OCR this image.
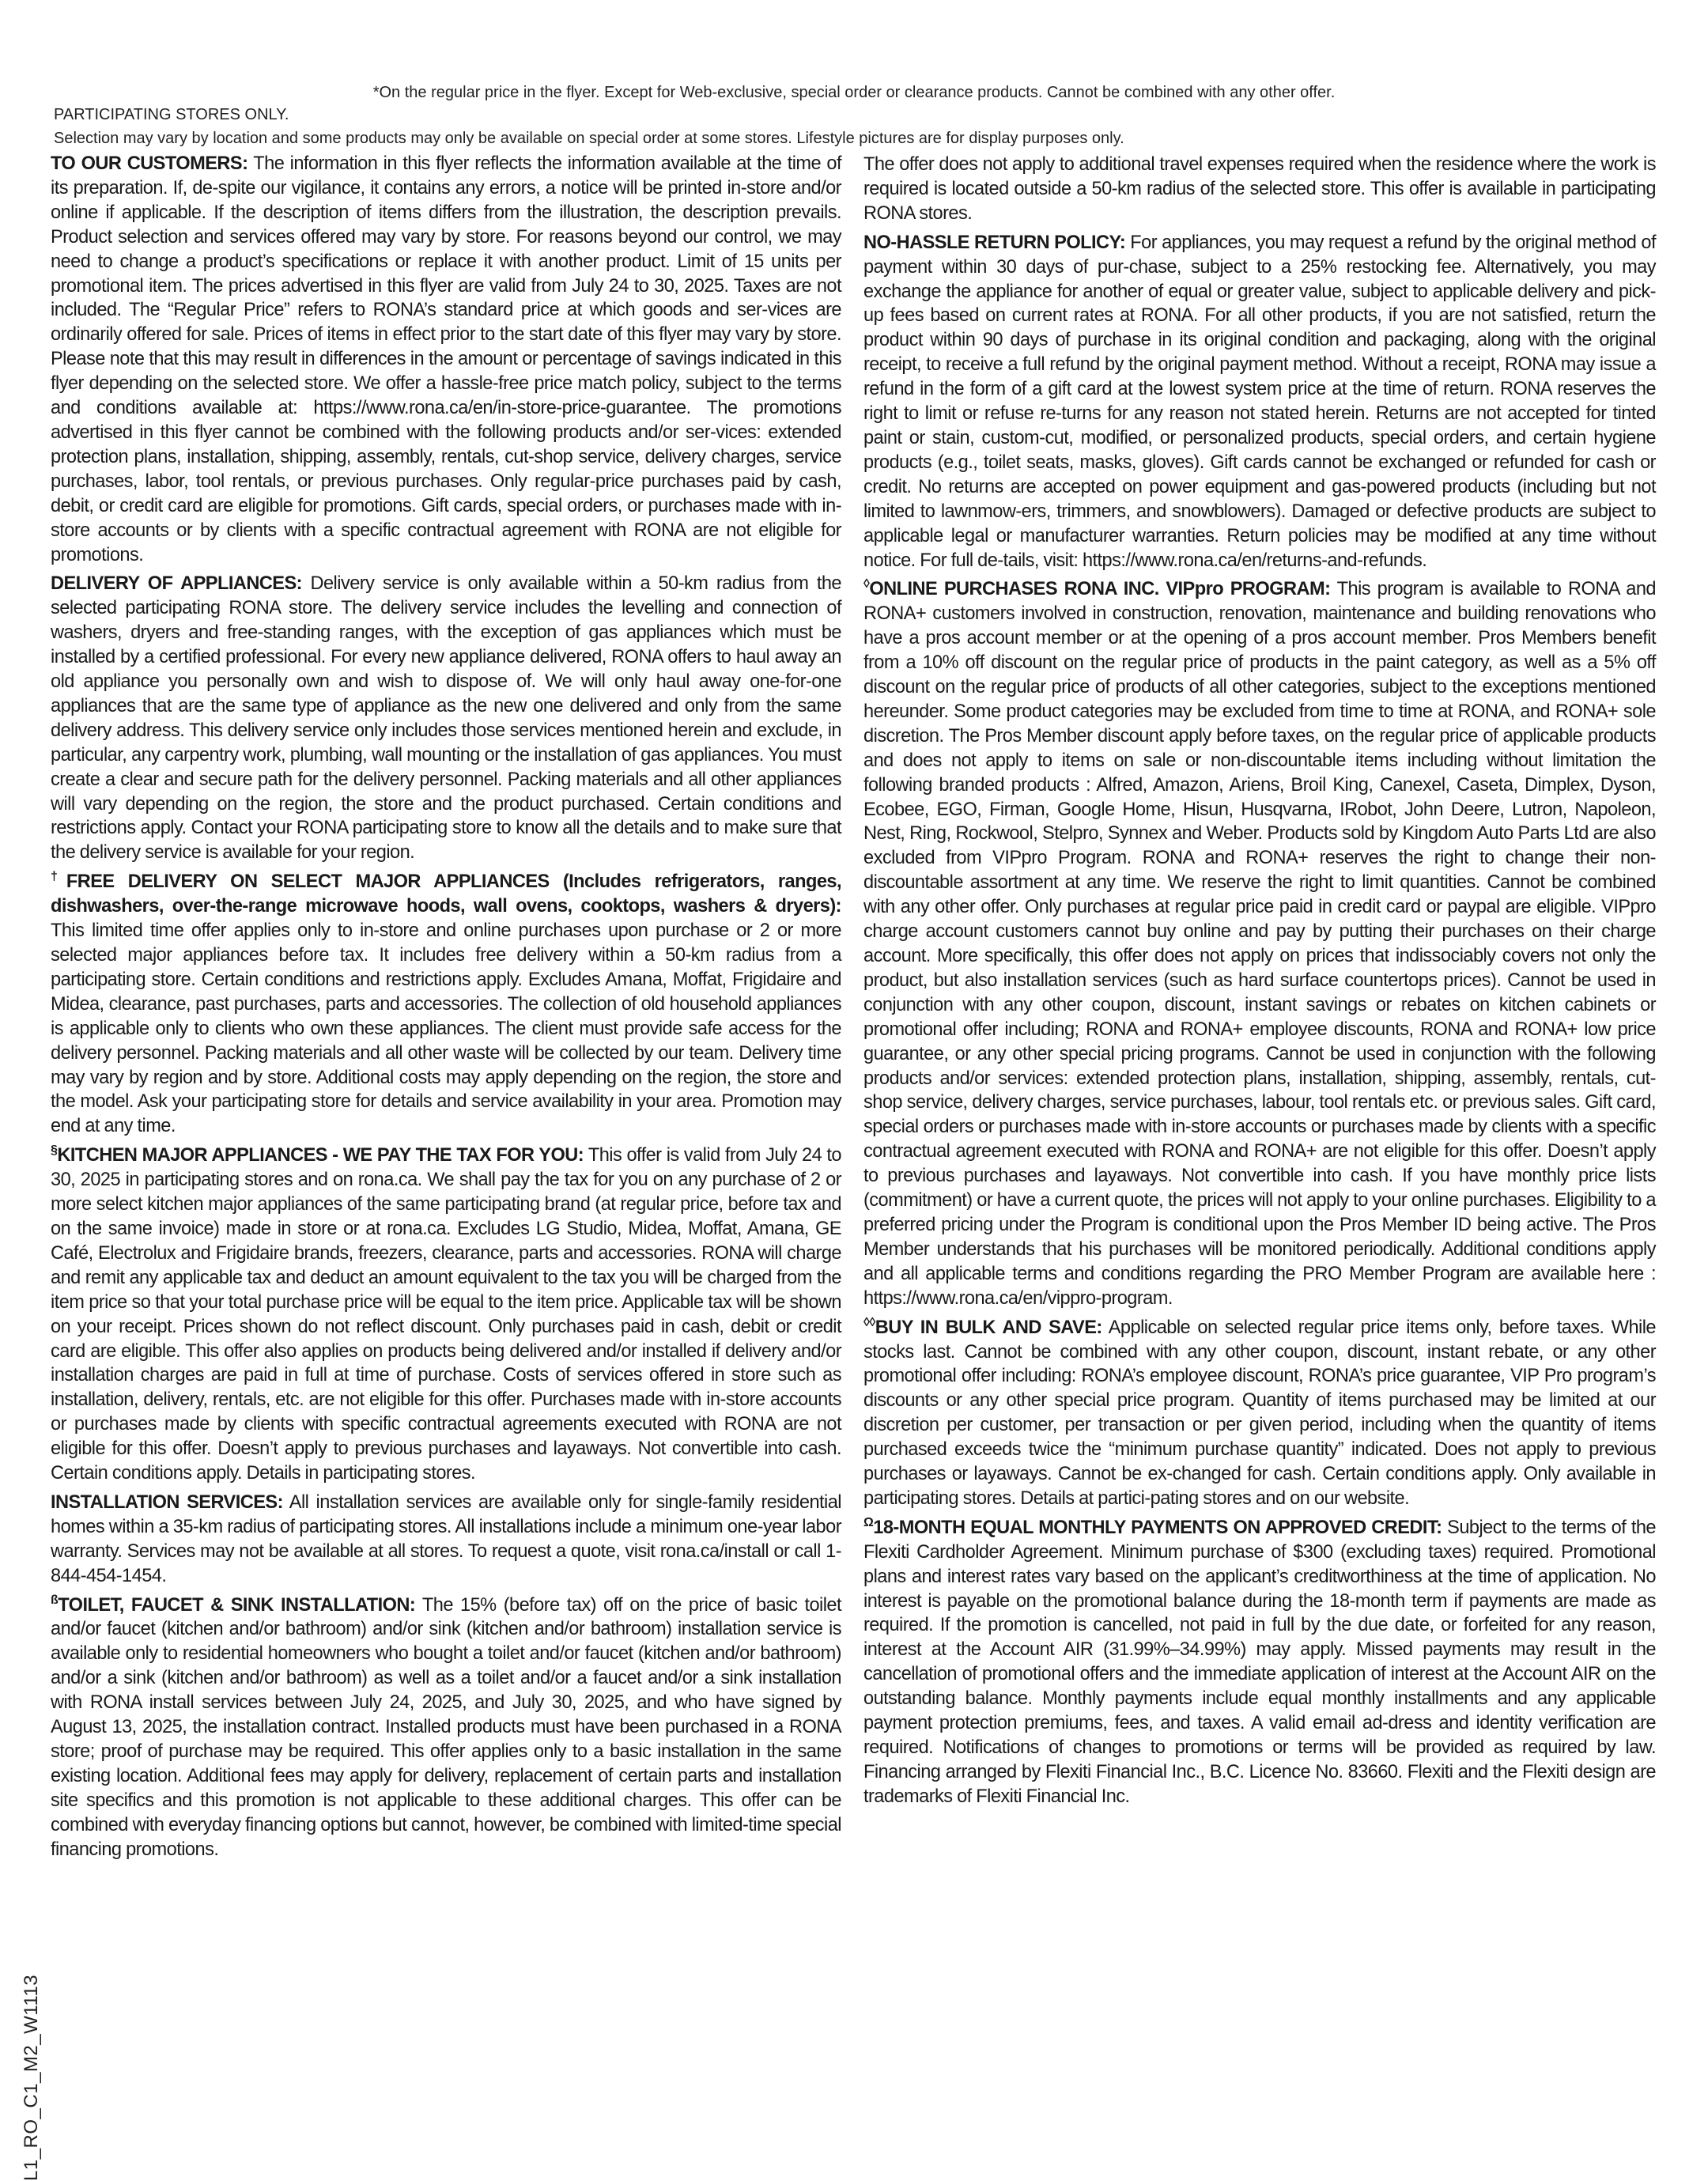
*On the regular price in the flyer. Except for Web-exclusive, special order or clearance products. Cannot be combined with any other offer.
PARTICIPATING STORES ONLY.
Selection may vary by location and some products may only be available on special order at some stores. Lifestyle pictures are for display purposes only.

TO OUR CUSTOMERS: The information in this flyer reflects the information available at the time of its preparation. If, de-spite our vigilance, it contains any errors, a notice will be printed in-store and/or online if applicable. If the description of items differs from the illustration, the description prevails. Product selection and services offered may vary by store. For reasons beyond our control, we may need to change a product’s specifications or replace it with another product. Limit of 15 units per promotional item. The prices advertised in this flyer are valid from July 24 to 30, 2025. Taxes are not included. The “Regular Price” refers to RONA’s standard price at which goods and ser-vices are ordinarily offered for sale. Prices of items in effect prior to the start date of this flyer may vary by store. Please note that this may result in differences in the amount or percentage of savings indicated in this flyer depending on the selected store. We offer a hassle-free price match policy, subject to the terms and conditions available at: https://www.rona.ca/en/in-store-price-guarantee. The promotions advertised in this flyer cannot be combined with the following products and/or ser-vices: extended protection plans, installation, shipping, assembly, rentals, cut-shop service, delivery charges, service purchases, labor, tool rentals, or previous purchases. Only regular-price purchases paid by cash, debit, or credit card are eligible for promotions. Gift cards, special orders, or purchases made with in-store accounts or by clients with a specific contractual agreement with RONA are not eligible for promotions.

DELIVERY OF APPLIANCES: Delivery service is only available within a 50-km radius from the selected participating RONA store. The delivery service includes the levelling and connection of washers, dryers and free-standing ranges, with the exception of gas appliances which must be installed by a certified professional. For every new appliance delivered, RONA offers to haul away an old appliance you personally own and wish to dispose of. We will only haul away one-for-one appliances that are the same type of appliance as the new one delivered and only from the same delivery address. This delivery service only includes those services mentioned herein and exclude, in particular, any carpentry work, plumbing, wall mounting or the installation of gas appliances. You must create a clear and secure path for the delivery personnel. Packing materials and all other appliances will vary depending on the region, the store and the product purchased. Certain conditions and restrictions apply. Contact your RONA participating store to know all the details and to make sure that the delivery service is available for your region.

†FREE DELIVERY ON SELECT MAJOR APPLIANCES (Includes refrigerators, ranges, dishwashers, over-the-range microwave hoods, wall ovens, cooktops, washers & dryers): This limited time offer applies only to in-store and online purchases upon purchase or 2 or more selected major appliances before tax. It includes free delivery within a 50-km radius from a participating store. Certain conditions and restrictions apply. Excludes Amana, Moffat, Frigidaire and Midea, clearance, past purchases, parts and accessories. The collection of old household appliances is applicable only to clients who own these appliances. The client must provide safe access for the delivery personnel. Packing materials and all other waste will be collected by our team. Delivery time may vary by region and by store. Additional costs may apply depending on the region, the store and the model. Ask your participating store for details and service availability in your area. Promotion may end at any time.

§KITCHEN MAJOR APPLIANCES - WE PAY THE TAX FOR YOU: This offer is valid from July 24 to 30, 2025 in participating stores and on rona.ca. We shall pay the tax for you on any purchase of 2 or more select kitchen major appliances of the same participating brand (at regular price, before tax and on the same invoice) made in store or at rona.ca. Excludes LG Studio, Midea, Moffat, Amana, GE Café, Electrolux and Frigidaire brands, freezers, clearance, parts and accessories. RONA will charge and remit any applicable tax and deduct an amount equivalent to the tax you will be charged from the item price so that your total purchase price will be equal to the item price. Applicable tax will be shown on your receipt. Prices shown do not reflect discount. Only purchases paid in cash, debit or credit card are eligible. This offer also applies on products being delivered and/or installed if delivery and/or installation charges are paid in full at time of purchase. Costs of services offered in store such as installation, delivery, rentals, etc. are not eligible for this offer. Purchases made with in-store accounts or purchases made by clients with specific contractual agreements executed with RONA are not eligible for this offer. Doesn’t apply to previous purchases and layaways. Not convertible into cash. Certain conditions apply. Details in participating stores.

INSTALLATION SERVICES: All installation services are available only for single-family residential homes within a 35-km radius of participating stores. All installations include a minimum one-year labor warranty. Services may not be available at all stores. To request a quote, visit rona.ca/install or call 1-844-454-1454.

$^ß$TOILET, FAUCET & SINK INSTALLATION: The 15% (before tax) off on the price of basic toilet and/or faucet (kitchen and/or bathroom) and/or sink (kitchen and/or bathroom) installation service is available only to residential homeowners who bought a toilet and/or faucet (kitchen and/or bathroom) and/or a sink (kitchen and/or bathroom) as well as a toilet and/or a faucet and/or a sink installation with RONA install services between July 24, 2025, and July 30, 2025, and who have signed by August 13, 2025, the installation contract. Installed products must have been purchased in a RONA store; proof of purchase may be required. This offer applies only to a basic installation in the same existing location. Additional fees may apply for delivery, replacement of certain parts and installation site specifics and this promotion is not applicable to these additional charges. This offer can be combined with everyday financing options but cannot, however, be combined with limited-time special financing promotions.

The offer does not apply to additional travel expenses required when the residence where the work is required is located outside a 50-km radius of the selected store. This offer is available in participating RONA stores.

NO-HASSLE RETURN POLICY: For appliances, you may request a refund by the original method of payment within 30 days of pur-chase, subject to a 25% restocking fee. Alternatively, you may exchange the appliance for another of equal or greater value, subject to applicable delivery and pick-up fees based on current rates at RONA. For all other products, if you are not satisfied, return the product within 90 days of purchase in its original condition and packaging, along with the original receipt, to receive a full refund by the original payment method. Without a receipt, RONA may issue a refund in the form of a gift card at the lowest system price at the time of return. RONA reserves the right to limit or refuse re-turns for any reason not stated herein. Returns are not accepted for tinted paint or stain, custom-cut, modified, or personalized products, special orders, and certain hygiene products (e.g., toilet seats, masks, gloves). Gift cards cannot be exchanged or refunded for cash or credit. No returns are accepted on power equipment and gas-powered products (including but not limited to lawnmow-ers, trimmers, and snowblowers). Damaged or defective products are subject to applicable legal or manufacturer warranties. Return policies may be modified at any time without notice. For full de-tails, visit: https://www.rona.ca/en/returns-and-refunds.

◊ONLINE PURCHASES RONA INC. VIPpro PROGRAM: This program is available to RONA and RONA+ customers involved in construction, renovation, maintenance and building renovations who have a pros account member or at the opening of a pros account member. Pros Members benefit from a 10% off discount on the regular price of products in the paint category, as well as a 5% off discount on the regular price of products of all other categories, subject to the exceptions mentioned hereunder. Some product categories may be excluded from time to time at RONA, and RONA+ sole discretion. The Pros Member discount apply before taxes, on the regular price of applicable products and does not apply to items on sale or non-discountable items including without limitation the following branded products : Alfred, Amazon, Ariens, Broil King, Canexel, Caseta, Dimplex, Dyson, Ecobee, EGO, Firman, Google Home, Hisun, Husqvarna, IRobot, John Deere, Lutron, Napoleon, Nest, Ring, Rockwool, Stelpro, Synnex and Weber. Products sold by Kingdom Auto Parts Ltd are also excluded from VIPpro Program. RONA and RONA+ reserves the right to change their non-discountable assortment at any time. We reserve the right to limit quantities. Cannot be combined with any other offer. Only purchases at regular price paid in credit card or paypal are eligible. VIPpro charge account customers cannot buy online and pay by putting their purchases on their charge account. More specifically, this offer does not apply on prices that indissociably covers not only the product, but also installation services (such as hard surface countertops prices). Cannot be used in conjunction with any other coupon, discount, instant savings or rebates on kitchen cabinets or promotional offer including; RONA and RONA+ employee discounts, RONA and RONA+ low price guarantee, or any other special pricing programs. Cannot be used in conjunction with the following products and/or services: extended protection plans, installation, shipping, assembly, rentals, cut-shop service, delivery charges, service purchases, labour, tool rentals etc. or previous sales. Gift card, special orders or purchases made with in-store accounts or purchases made by clients with a specific contractual agreement executed with RONA and RONA+ are not eligible for this offer. Doesn’t apply to previous purchases and layaways. Not convertible into cash. If you have monthly price lists (commitment) or have a current quote, the prices will not apply to your online purchases. Eligibility to a preferred pricing under the Program is conditional upon the Pros Member ID being active. The Pros Member understands that his purchases will be monitored periodically. Additional conditions apply and all applicable terms and conditions regarding the PRO Member Program are available here : https://www.rona.ca/en/vippro-program.

◊◊BUY IN BULK AND SAVE: Applicable on selected regular price items only, before taxes. While stocks last. Cannot be combined with any other coupon, discount, instant rebate, or any other promotional offer including: RONA’s employee discount, RONA’s price guarantee, VIP Pro program’s discounts or any other special price program. Quantity of items purchased may be limited at our discretion per customer, per transaction or per given period, including when the quantity of items purchased exceeds twice the “minimum purchase quantity” indicated. Does not apply to previous purchases or layaways. Cannot be ex-changed for cash. Certain conditions apply. Only available in participating stores. Details at partici-pating stores and on our website.

$^\Omega$18-MONTH EQUAL MONTHLY PAYMENTS ON APPROVED CREDIT: Subject to the terms of the Flexiti Cardholder Agreement. Minimum purchase of $300 (excluding taxes) required. Promotional plans and interest rates vary based on the applicant’s creditworthiness at the time of application. No interest is payable on the promotional balance during the 18-month term if payments are made as required. If the promotion is cancelled, not paid in full by the due date, or forfeited for any reason, interest at the Account AIR (31.99%–34.99%) may apply. Missed payments may result in the cancellation of promotional offers and the immediate application of interest at the Account AIR on the outstanding balance. Monthly payments include equal monthly installments and any applicable payment protection premiums, fees, and taxes. A valid email ad-dress and identity verification are required. Notifications of changes to promotions or terms will be provided as required by law. Financing arranged by Flexiti Financial Inc., B.C. Licence No. 83660. Flexiti and the Flexiti design are trademarks of Flexiti Financial Inc.

L1_RO_C1_M2_W1113
